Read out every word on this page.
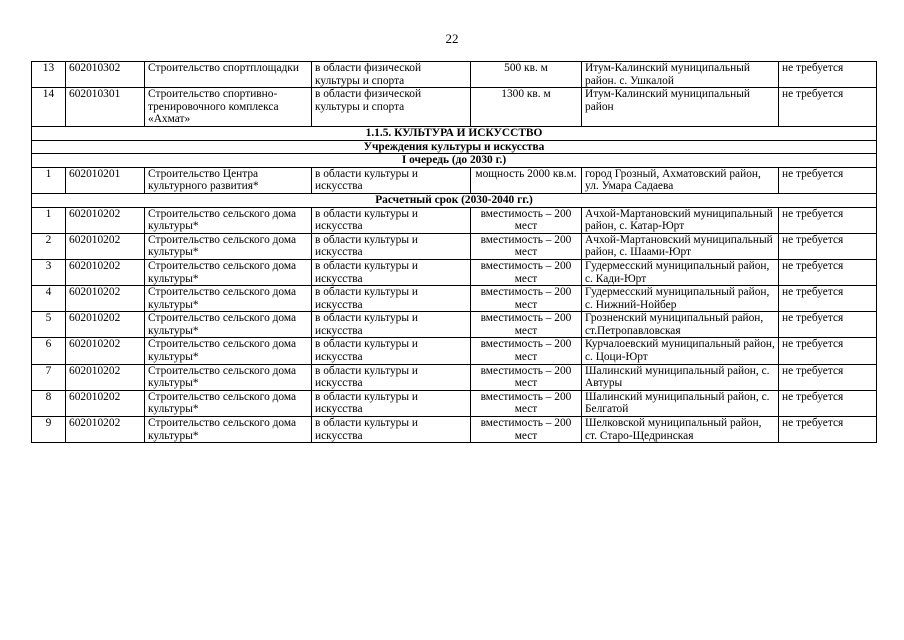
22
13	602010302	Строительство спортплощадки	в области физической культуры и спорта	500 кв. м	Итум-Калинский муниципальный район. с. Ушкалой	не требуется
14	602010301	Строительство спортивно-тренировочного комплекса «Ахмат»	в области физической культуры и спорта	1300 кв. м	Итум-Калинский муниципальный район	не требуется
1.1.5. КУЛЬТУРА И ИСКУССТВО						
Учреждения культуры и искусства						
I очередь (до 2030 г.)						
1	602010201	Строительство Центра культурного развития*	в области культуры и искусства	мощность 2000 кв.м.	город Грозный, Ахматовский район, ул. Умара Садаева	не требуется
Расчетный срок (2030-2040 гг.)						
1	602010202	Строительство сельского дома культуры*	в области культуры и искусства	вместимость – 200 мест	Ачхой-Мартановский муниципальный район, с. Катар-Юрт	не требуется
2	602010202	Строительство сельского дома культуры*	в области культуры и искусства	вместимость – 200 мест	Ачхой-Мартановский муниципальный район, с. Шаами-Юрт	не требуется
3	602010202	Строительство сельского дома культуры*	в области культуры и искусства	вместимость – 200 мест	Гудермесский муниципальный район, с. Кади-Юрт	не требуется
4	602010202	Строительство сельского дома культуры*	в области культуры и искусства	вместимость – 200 мест	Гудермесский муниципальный район, с. Нижний-Нойбер	не требуется
5	602010202	Строительство сельского дома культуры*	в области культуры и искусства	вместимость – 200 мест	Грозненский муниципальный район, ст.Петропавловская	не требуется
6	602010202	Строительство сельского дома культуры*	в области культуры и искусства	вместимость – 200 мест	Курчалоевский муниципальный район, с. Цоци-Юрт	не требуется
7	602010202	Строительство сельского дома культуры*	в области культуры и искусства	вместимость – 200 мест	Шалинский муниципальный район, с. Автуры	не требуется
8	602010202	Строительство сельского дома культуры*	в области культуры и искусства	вместимость – 200 мест	Шалинский муниципальный район, с. Белгатой	не требуется
9	602010202	Строительство сельского дома культуры*	в области культуры и искусства	вместимость – 200 мест	Шелковской муниципальный район, ст. Старо-Щедринская	не требуется
